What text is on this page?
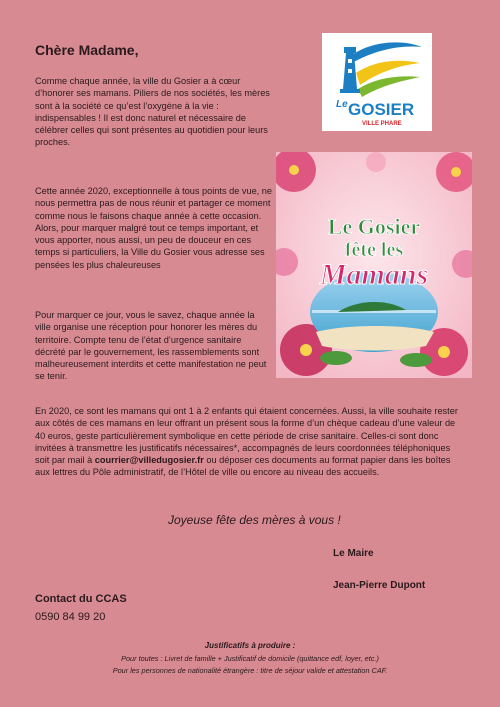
Chère Madame,
Comme chaque année, la ville du Gosier a à cœur d’honorer ses mamans. Piliers de nos sociétés, les mères sont à la société ce qu’est l’oxygène à la vie : indispensables ! Il est donc naturel et nécessaire de célébrer celles qui sont présentes au quotidien pour leurs proches.
Cette année 2020, exceptionnelle à tous points de vue, ne nous permettra pas de nous réunir et partager ce moment comme nous le faisons chaque année à cette occasion. Alors, pour marquer malgré tout ce temps important, et vous apporter, nous aussi, un peu de douceur en ces temps si particuliers, la Ville du Gosier vous adresse ses pensées les plus chaleureuses
Pour marquer ce jour, vous le savez, chaque année la ville organise une réception pour honorer les mères du territoire. Compte tenu de l’état d’urgence sanitaire décrété par le gouvernement, les rassemblements sont malheureusement interdits et cette manifestation ne peut se tenir.
En 2020, ce sont les mamans qui ont 1 à 2 enfants qui étaient concernées. Aussi, la ville souhaite rester aux côtés de ces mamans en leur offrant un présent sous la forme d’un chèque cadeau d’une valeur de 40 euros, geste particulièrement symbolique en cette période de crise sanitaire. Celles-ci sont donc invitées à transmettre les justificatifs nécessaires*, accompagnés de leurs coordonnées téléphoniques soit par mail à courrier@villedugosier.fr ou déposer ces documents au format papier dans les boîtes aux lettres du Pôle administratif, de l’Hôtel de ville ou encore au niveau des accueils.
Joyeuse fête des mères à vous !
Le Maire
Jean-Pierre Dupont
Contact du CCAS
0590 84 99 20
Justificatifs à produire :
Pour toutes : Livret de famille + Justificatif de domicile (quittance edf, loyer, etc.)
Pour les personnes de nationalité étrangère : titre de séjour valide et attestation CAF.
Le GOSIER
VILLE PHARE
Le Gosier
fête les
Mamans
